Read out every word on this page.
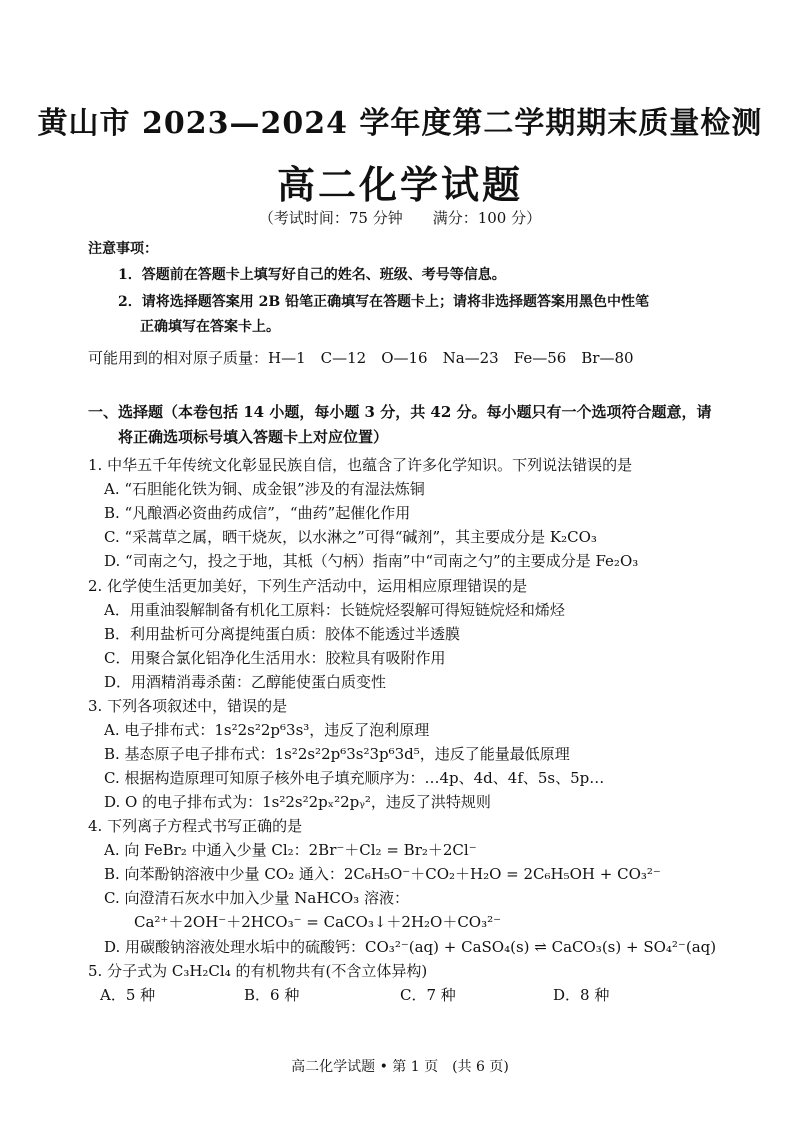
黄山市 2023—2024 学年度第二学期期末质量检测
高二化学试题
（考试时间：75 分钟　　满分：100 分）
注意事项：
1．答题前在答题卡上填写好自己的姓名、班级、考号等信息。
2．请将选择题答案用 2B 铅笔正确填写在答题卡上；请将非选择题答案用黑色中性笔
正确填写在答案卡上。
可能用到的相对原子质量：H—1　C—12　O—16　Na—23　Fe—56　Br—80
一、选择题（本卷包括 14 小题，每小题 3 分，共 42 分。每小题只有一个选项符合题意，请
将正确选项标号填入答题卡上对应位置）
1. 中华五千年传统文化彰显民族自信，也蕴含了许多化学知识。下列说法错误的是
A. “石胆能化铁为铜、成金银”涉及的有湿法炼铜
B. “凡酿酒必资曲药成信”，“曲药”起催化作用
C. “采蒿草之属，晒干烧灰，以水淋之”可得“碱剂”，其主要成分是 K₂CO₃
D. “司南之勺，投之于地，其柢（勺柄）指南”中“司南之勺”的主要成分是 Fe₂O₃
2. 化学使生活更加美好，下列生产活动中，运用相应原理错误的是
A．用重油裂解制备有机化工原料：长链烷烃裂解可得短链烷烃和烯烃
B．利用盐析可分离提纯蛋白质：胶体不能透过半透膜
C．用聚合氯化铝净化生活用水：胶粒具有吸附作用
D．用酒精消毒杀菌：乙醇能使蛋白质变性
3. 下列各项叙述中，错误的是
A. 电子排布式：1s²2s²2p⁶3s³，违反了泡利原理
B. 基态原子电子排布式：1s²2s²2p⁶3s²3p⁶3d⁵，违反了能量最低原理
C. 根据构造原理可知原子核外电子填充顺序为：…4p、4d、4f、5s、5p…
D. O 的电子排布式为：1s²2s²2pₓ²2pᵧ²，违反了洪特规则
4. 下列离子方程式书写正确的是
A. 向 FeBr₂ 中通入少量 Cl₂：2Br⁻＋Cl₂ = Br₂＋2Cl⁻
B. 向苯酚钠溶液中少量 CO₂ 通入：2C₆H₅O⁻＋CO₂＋H₂O = 2C₆H₅OH + CO₃²⁻
C. 向澄清石灰水中加入少量 NaHCO₃ 溶液：
Ca²⁺＋2OH⁻＋2HCO₃⁻ = CaCO₃↓＋2H₂O＋CO₃²⁻
D. 用碳酸钠溶液处理水垢中的硫酸钙：CO₃²⁻(aq) + CaSO₄(s) ⇌ CaCO₃(s) + SO₄²⁻(aq)
5. 分子式为 C₃H₂Cl₄ 的有机物共有(不含立体异构)
A．5 种	B．6 种	C．7 种	D．8 种
高二化学试题 • 第 1 页　(共 6 页)
